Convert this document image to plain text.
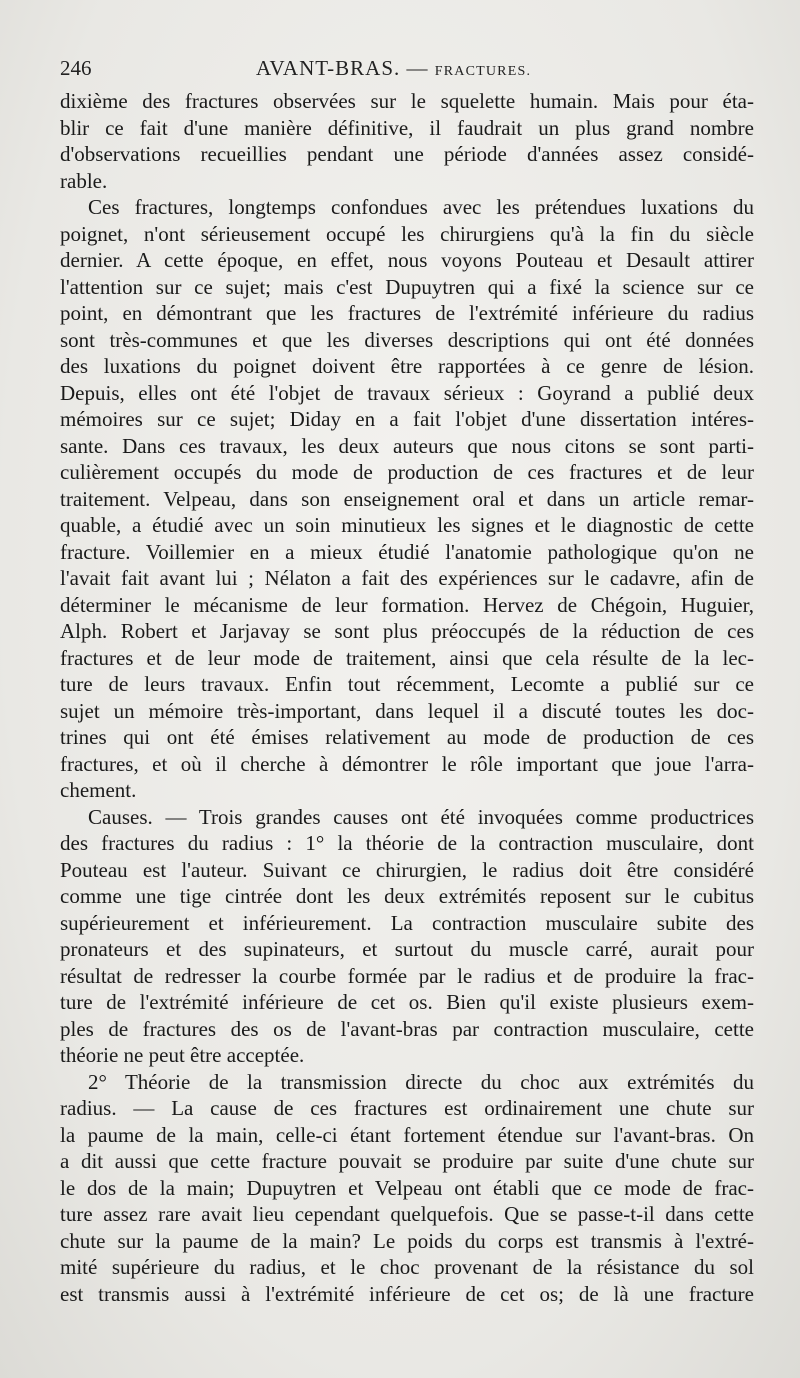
246	AVANT-BRAS. — FRACTURES.
dixième des fractures observées sur le squelette humain. Mais pour éta-
blir ce fait d'une manière définitive, il faudrait un plus grand nombre
d'observations recueillies pendant une période d'années assez considé-
rable.
Ces fractures, longtemps confondues avec les prétendues luxations du
poignet, n'ont sérieusement occupé les chirurgiens qu'à la fin du siècle
dernier. A cette époque, en effet, nous voyons Pouteau et Desault attirer
l'attention sur ce sujet; mais c'est Dupuytren qui a fixé la science sur ce
point, en démontrant que les fractures de l'extrémité inférieure du radius
sont très-communes et que les diverses descriptions qui ont été données
des luxations du poignet doivent être rapportées à ce genre de lésion.
Depuis, elles ont été l'objet de travaux sérieux : Goyrand a publié deux
mémoires sur ce sujet; Diday en a fait l'objet d'une dissertation intéres-
sante. Dans ces travaux, les deux auteurs que nous citons se sont parti-
culièrement occupés du mode de production de ces fractures et de leur
traitement. Velpeau, dans son enseignement oral et dans un article remar-
quable, a étudié avec un soin minutieux les signes et le diagnostic de cette
fracture. Voillemier en a mieux étudié l'anatomie pathologique qu'on ne
l'avait fait avant lui ; Nélaton a fait des expériences sur le cadavre, afin de
déterminer le mécanisme de leur formation. Hervez de Chégoin, Huguier,
Alph. Robert et Jarjavay se sont plus préoccupés de la réduction de ces
fractures et de leur mode de traitement, ainsi que cela résulte de la lec-
ture de leurs travaux. Enfin tout récemment, Lecomte a publié sur ce
sujet un mémoire très-important, dans lequel il a discuté toutes les doc-
trines qui ont été émises relativement au mode de production de ces
fractures, et où il cherche à démontrer le rôle important que joue l'arra-
chement.
Causes. — Trois grandes causes ont été invoquées comme productrices
des fractures du radius : 1° la théorie de la contraction musculaire, dont
Pouteau est l'auteur. Suivant ce chirurgien, le radius doit être considéré
comme une tige cintrée dont les deux extrémités reposent sur le cubitus
supérieurement et inférieurement. La contraction musculaire subite des
pronateurs et des supinateurs, et surtout du muscle carré, aurait pour
résultat de redresser la courbe formée par le radius et de produire la frac-
ture de l'extrémité inférieure de cet os. Bien qu'il existe plusieurs exem-
ples de fractures des os de l'avant-bras par contraction musculaire, cette
théorie ne peut être acceptée.
2° Théorie de la transmission directe du choc aux extrémités du
radius. — La cause de ces fractures est ordinairement une chute sur
la paume de la main, celle-ci étant fortement étendue sur l'avant-bras. On
a dit aussi que cette fracture pouvait se produire par suite d'une chute sur
le dos de la main; Dupuytren et Velpeau ont établi que ce mode de frac-
ture assez rare avait lieu cependant quelquefois. Que se passe-t-il dans cette
chute sur la paume de la main? Le poids du corps est transmis à l'extré-
mité supérieure du radius, et le choc provenant de la résistance du sol
est transmis aussi à l'extrémité inférieure de cet os; de là une fracture
